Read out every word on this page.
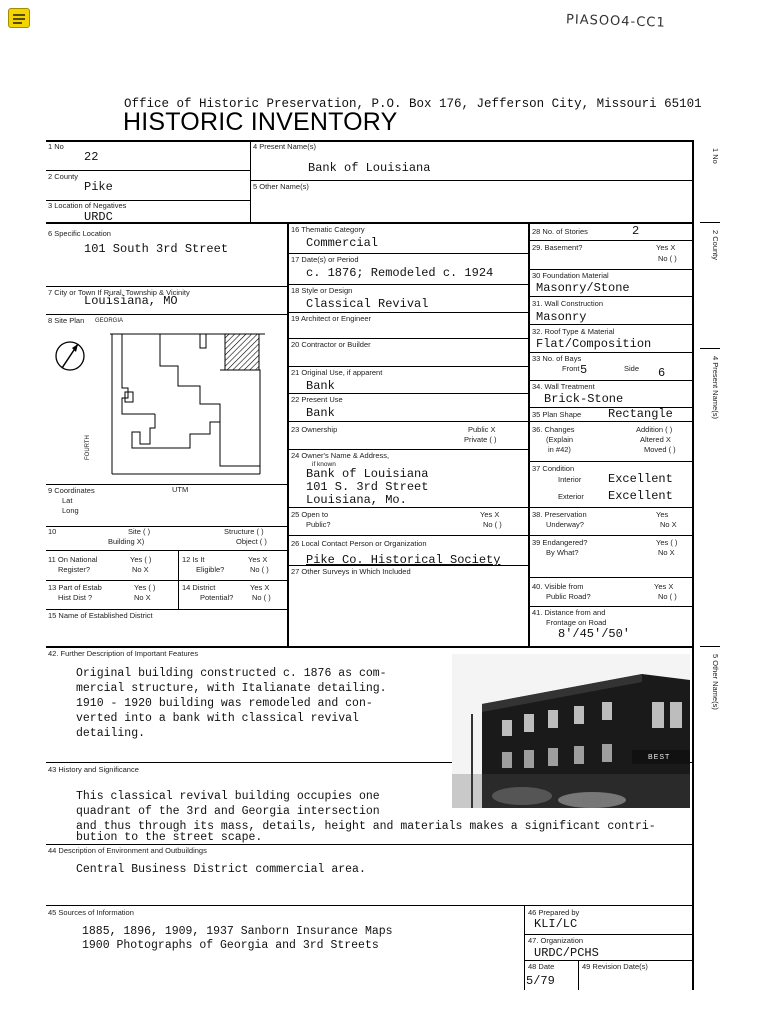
PIASOO4-CC1
Office of Historic Preservation, P.O. Box 176, Jefferson City, Missouri 65101
HISTORIC INVENTORY
1 No
22
2 County
Pike
3 Location of Negatives
URDC
4 Present Name(s)
Bank of Louisiana
5 Other Name(s)
6 Specific Location
101 South 3rd Street
7 City or Town If Rural, Township & Vicinity
Louisiana, MO
8 Site Plan GEORGIA
FOURTH
9 Coordinates	UTM
Lat
Long
10	Site ( )
Building X)
Structure ( )
Object ( )
11 On National
Register?
Yes ( )
No X
12 Is It
Eligible?
Yes X
No ( )
13 Part of Estab
Hist Dist ?
Yes ( )
No X
14 District
Potential?
Yes X
No ( )
15 Name of Established District
16 Thematic Category
Commercial
17 Date(s) or Period
c. 1876; Remodeled c. 1924
18 Style or Design
Classical Revival
19 Architect or Engineer
20 Contractor or Builder
21 Original Use, if apparent
Bank
22 Present Use
Bank
23 Ownership	Public X
Private ( )
24 Owner's Name & Address,
if known
Bank of Louisiana
101 S. 3rd Street
Louisiana, Mo.
25 Open to
Public?
Yes X
No ( )
26 Local Contact Person or Organization
Pike Co. Historical Society
27 Other Surveys in Which Included
28 No. of Stories	2
29. Basement?	Yes X
No ( )
30 Foundation Material
Masonry/Stone
31. Wall Construction
Masonry
32. Roof Type & Material
Flat/Composition
33 No. of Bays
Front 5	Side 6
34. Wall Treatment
Brick-Stone
35 Plan Shape Rectangle
36. Changes
(Explain
in #42)
Addition ( )
Altered X
Moved ( )
37 Condition
Interior Excellent
Exterior Excellent
38. Preservation
Underway?
Yes
No X
39 Endangered?
By What?
Yes ( )
No X
40. Visible from
Public Road?
Yes X
No ( )
41. Distance from and
Frontage on Road
8'/45'/50'
42. Further Description of Important Features
Original building constructed c. 1876 as com-
mercial structure, with Italianate detailing.
1910 - 1920 building was remodeled and con-
verted into a bank with classical revival
detailing.
BEST
43 History and Significance
This classical revival building occupies one
quadrant of the 3rd and Georgia intersection
and thus through its mass, details, height and materials makes a significant contri-
bution to the street scape.
44 Description of Environment and Outbuildings
Central Business District commercial area.
45 Sources of Information
1885, 1896, 1909, 1937 Sanborn Insurance Maps
1900 Photographs of Georgia and 3rd Streets
46 Prepared by
KLI/LC
47. Organization
URDC/PCHS
48 Date
5/79
49 Revision Date(s)
1 No
2 County
4 Present Name(s)
5 Other Name(s)
